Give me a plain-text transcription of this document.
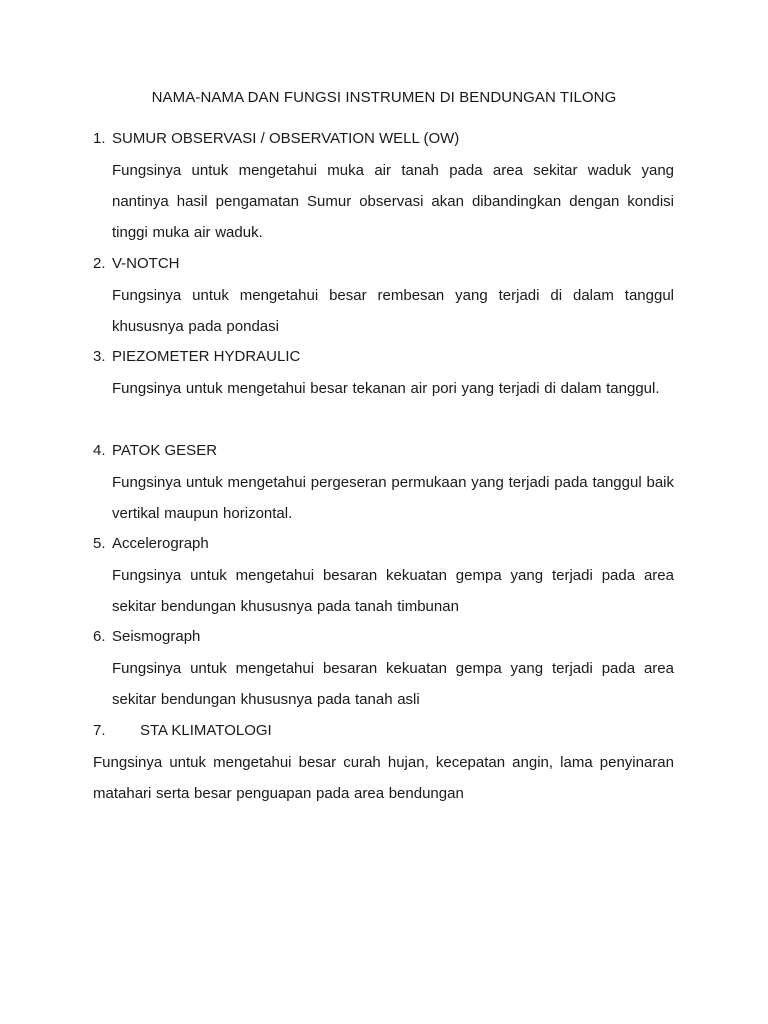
NAMA-NAMA DAN FUNGSI INSTRUMEN DI BENDUNGAN TILONG
1. SUMUR OBSERVASI / OBSERVATION WELL (OW)
Fungsinya untuk mengetahui muka air tanah pada area sekitar waduk yang nantinya hasil pengamatan Sumur observasi akan dibandingkan dengan kondisi tinggi muka air waduk.
2. V-NOTCH
Fungsinya untuk mengetahui besar rembesan yang terjadi di dalam tanggul khususnya pada pondasi
3. PIEZOMETER HYDRAULIC
Fungsinya untuk mengetahui besar tekanan air pori yang terjadi di dalam tanggul.
4. PATOK GESER
Fungsinya untuk mengetahui pergeseran permukaan yang terjadi pada tanggul baik vertikal maupun horizontal.
5. Accelerograph
Fungsinya untuk mengetahui besaran kekuatan gempa yang terjadi pada area sekitar bendungan khususnya pada tanah timbunan
6. Seismograph
Fungsinya untuk mengetahui besaran kekuatan gempa yang terjadi pada area sekitar bendungan khususnya pada tanah asli
7. STA KLIMATOLOGI
Fungsinya untuk mengetahui besar curah hujan, kecepatan angin, lama penyinaran matahari serta besar penguapan pada area bendungan
